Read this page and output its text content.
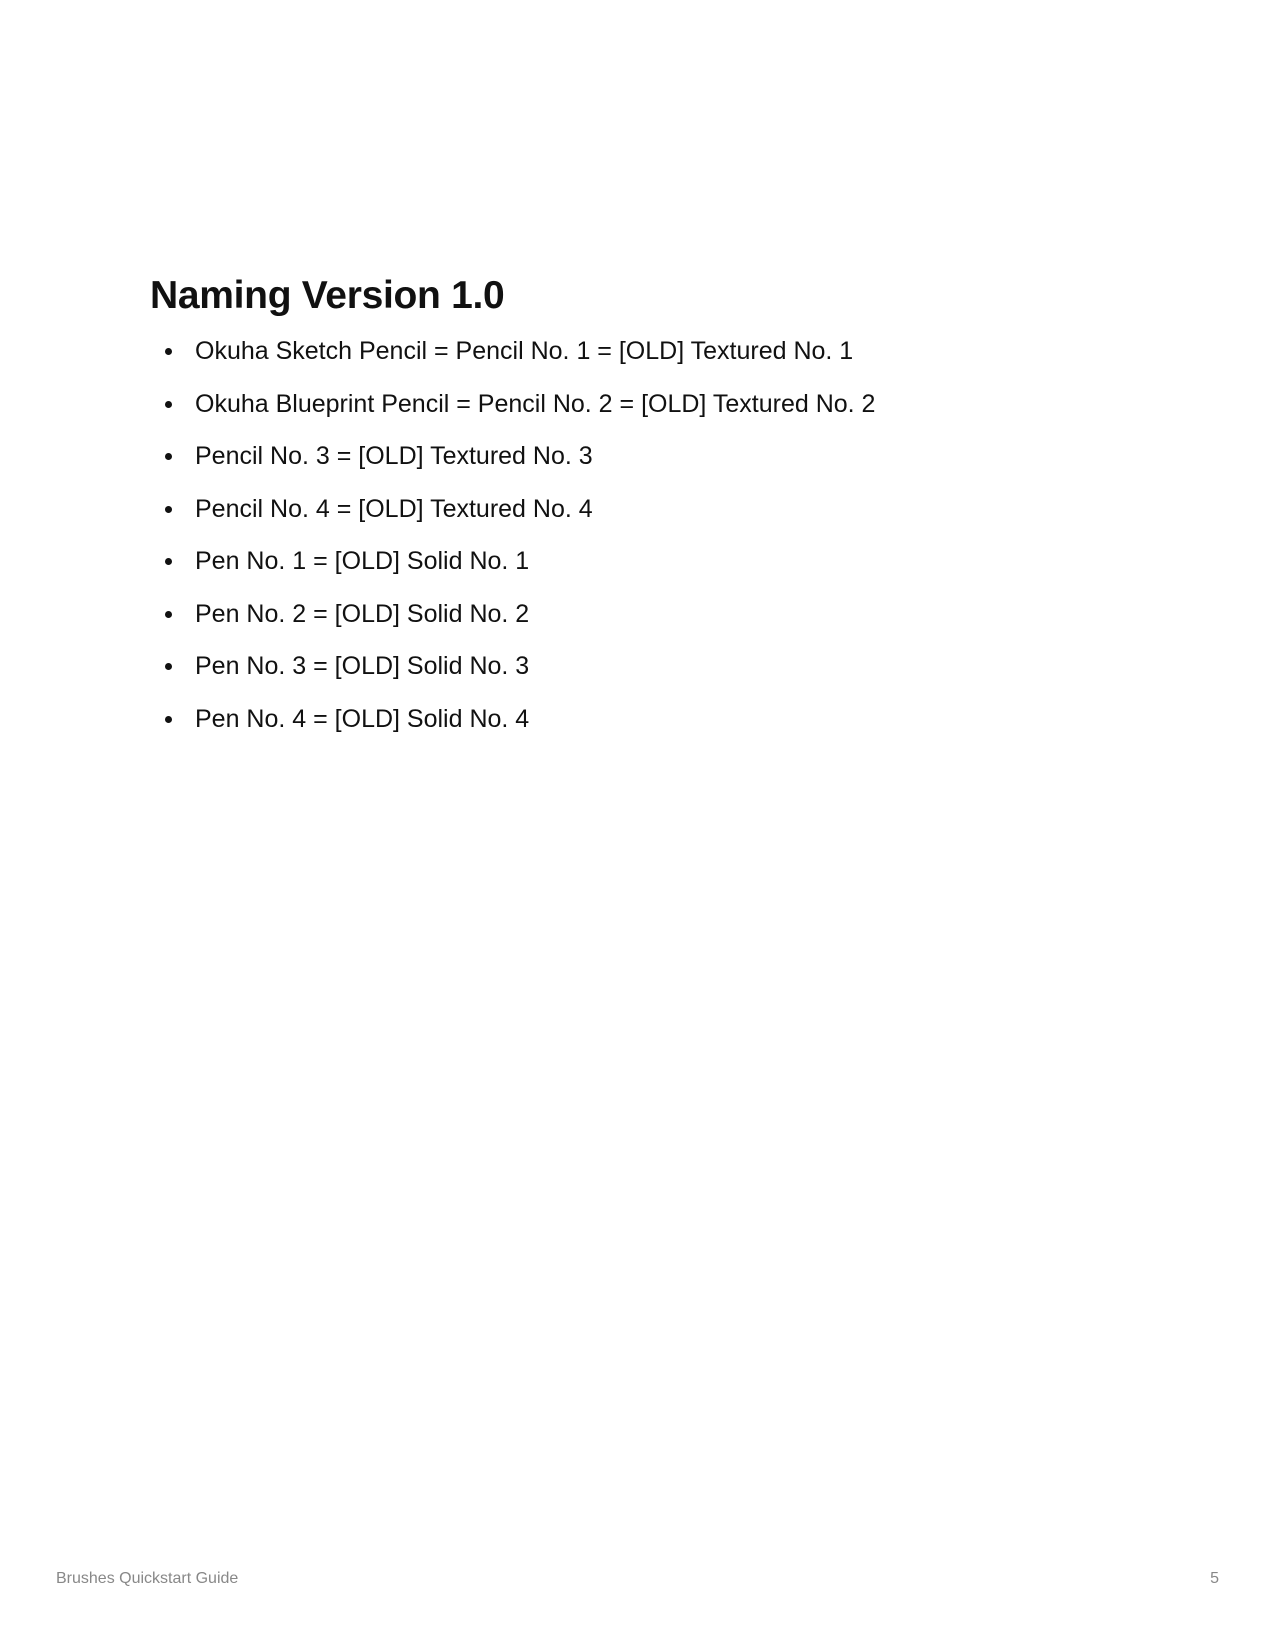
Naming Version 1.0
Okuha Sketch Pencil = Pencil No. 1 = [OLD] Textured No. 1
Okuha Blueprint Pencil = Pencil No. 2 = [OLD] Textured No. 2
Pencil No. 3 = [OLD] Textured No. 3
Pencil No. 4 = [OLD] Textured No. 4
Pen No. 1 = [OLD] Solid No. 1
Pen No. 2 = [OLD] Solid No. 2
Pen No. 3 = [OLD] Solid No. 3
Pen No. 4 = [OLD] Solid No. 4
Brushes Quickstart Guide	5
